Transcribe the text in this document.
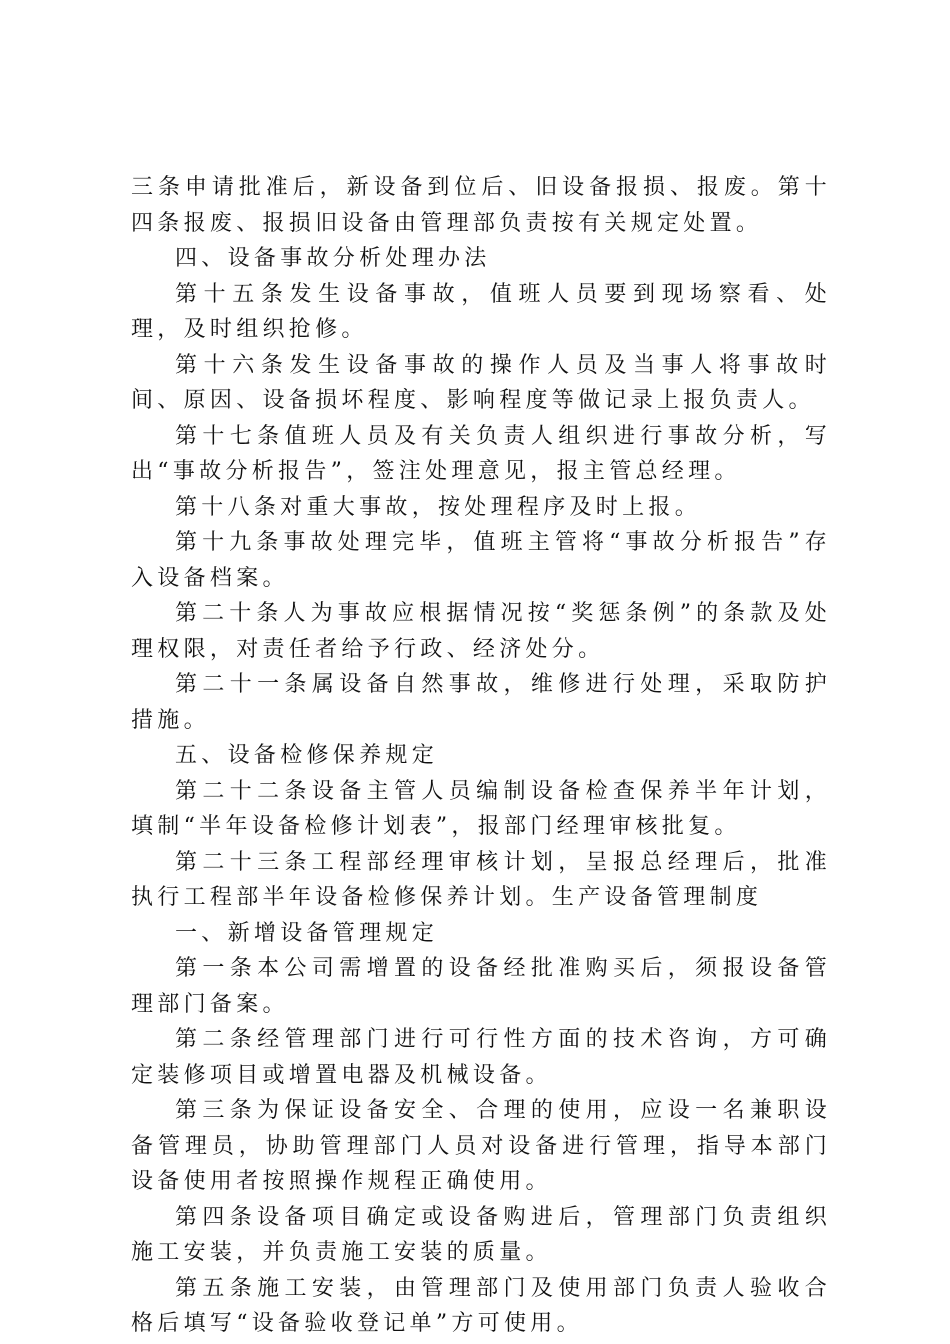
三条申请批准后，新设备到位后、旧设备报损、报废。第十四条报废、报损旧设备由管理部负责按有关规定处置。

四、设备事故分析处理办法

第十五条发生设备事故，值班人员要到现场察看、处理，及时组织抢修。

第十六条发生设备事故的操作人员及当事人将事故时间、原因、设备损坏程度、影响程度等做记录上报负责人。

第十七条值班人员及有关负责人组织进行事故分析，写出“事故分析报告”，签注处理意见，报主管总经理。

第十八条对重大事故，按处理程序及时上报。

第十九条事故处理完毕，值班主管将“事故分析报告”存入设备档案。

第二十条人为事故应根据情况按“奖惩条例”的条款及处理权限，对责任者给予行政、经济处分。

第二十一条属设备自然事故，维修进行处理，采取防护措施。

五、设备检修保养规定

第二十二条设备主管人员编制设备检查保养半年计划，填制“半年设备检修计划表”，报部门经理审核批复。

第二十三条工程部经理审核计划，呈报总经理后，批准执行工程部半年设备检修保养计划。生产设备管理制度

一、新增设备管理规定

第一条本公司需增置的设备经批准购买后，须报设备管理部门备案。

第二条经管理部门进行可行性方面的技术咨询，方可确定装修项目或增置电器及机械设备。

第三条为保证设备安全、合理的使用，应设一名兼职设备管理员，协助管理部门人员对设备进行管理，指导本部门设备使用者按照操作规程正确使用。

第四条设备项目确定或设备购进后，管理部门负责组织施工安装，并负责施工安装的质量。

第五条施工安装，由管理部门及使用部门负责人验收合格后填写“设备验收登记单”方可使用。
